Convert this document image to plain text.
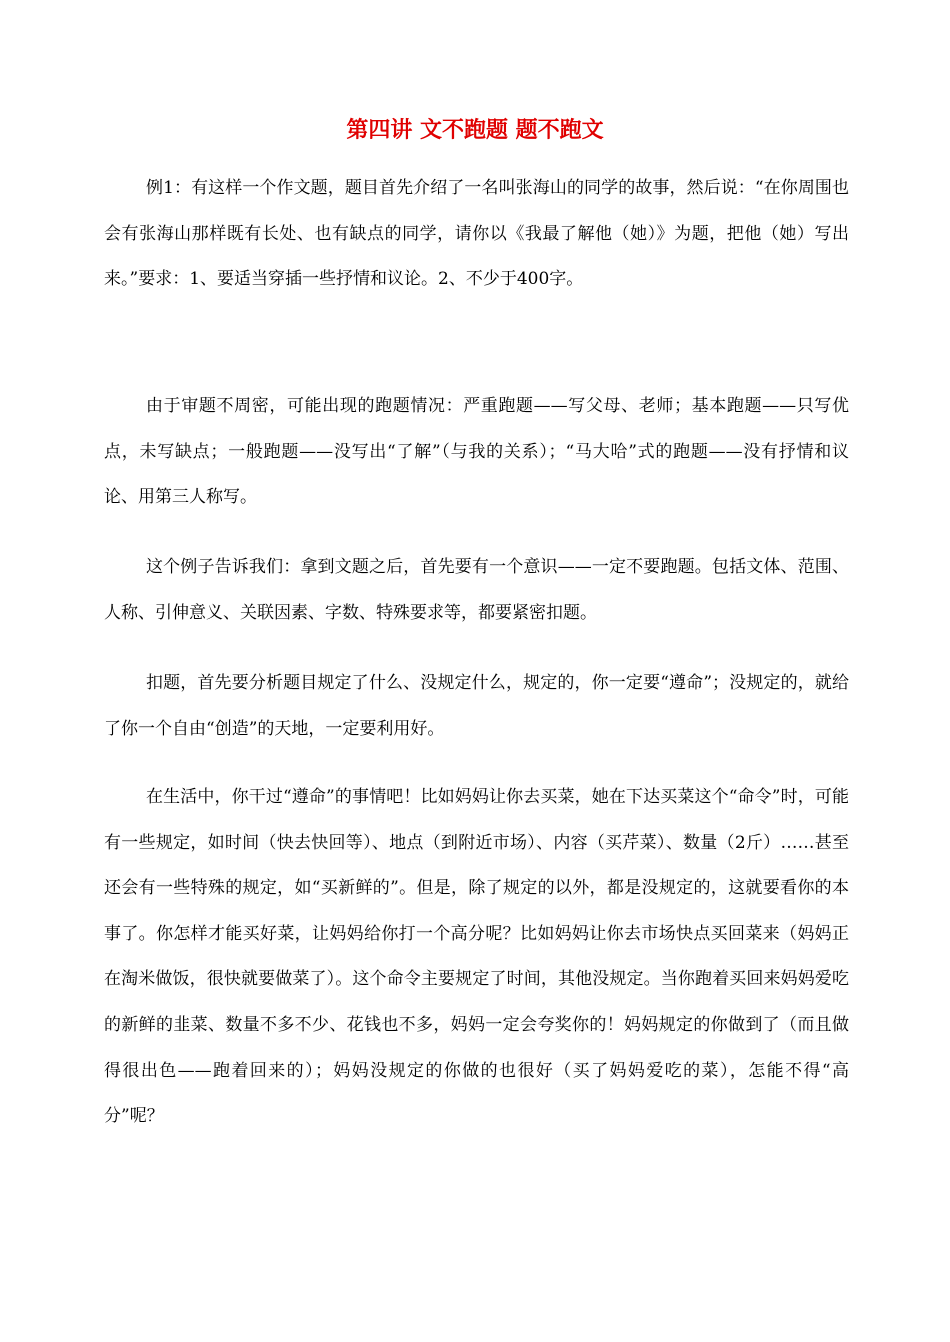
第四讲 文不跑题 题不跑文

例1：有这样一个作文题，题目首先介绍了一名叫张海山的同学的故事，然后说：“在你周围也会有张海山那样既有长处、也有缺点的同学，请你以《我最了解他（她）》为题，把他（她）写出来。”要求：1、要适当穿插一些抒情和议论。2、不少于400字。

由于审题不周密，可能出现的跑题情况：严重跑题——写父母、老师；基本跑题——只写优点，未写缺点；一般跑题——没写出“了解”（与我的关系）；“马大哈”式的跑题——没有抒情和议论、用第三人称写。

这个例子告诉我们：拿到文题之后，首先要有一个意识——一定不要跑题。包括文体、范围、人称、引伸意义、关联因素、字数、特殊要求等，都要紧密扣题。

扣题，首先要分析题目规定了什么、没规定什么，规定的，你一定要“遵命”；没规定的，就给了你一个自由“创造”的天地，一定要利用好。

在生活中，你干过“遵命”的事情吧！比如妈妈让你去买菜，她在下达买菜这个“命令”时，可能有一些规定，如时间（快去快回等）、地点（到附近市场）、内容（买芹菜）、数量（2斤）……甚至还会有一些特殊的规定，如“买新鲜的”。但是，除了规定的以外，都是没规定的，这就要看你的本事了。你怎样才能买好菜，让妈妈给你打一个高分呢？比如妈妈让你去市场快点买回菜来（妈妈正在淘米做饭，很快就要做菜了）。这个命令主要规定了时间，其他没规定。当你跑着买回来妈妈爱吃的新鲜的韭菜、数量不多不少、花钱也不多，妈妈一定会夸奖你的！妈妈规定的你做到了（而且做得很出色——跑着回来的）；妈妈没规定的你做的也很好（买了妈妈爱吃的菜），怎能不得“高分”呢？
